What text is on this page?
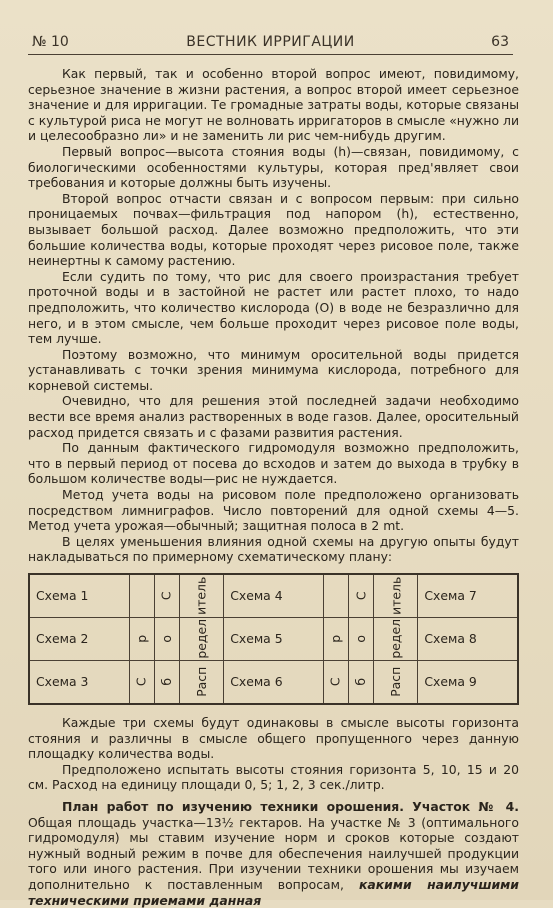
№ 10	ВЕСТНИК ИРРИГАЦИИ	63

Как первый, так и особенно второй вопрос имеют, повидимому, серьезное значение в жизни растения, а вопрос второй имеет серьезное значение и для ирригации. Те громадные затраты воды, которые связаны с культурой риса не могут не волновать ирригаторов в смысле «нужно ли и целесообразно ли» и не заменить ли рис чем-нибудь другим.

Первый вопрос—высота стояния воды (h)—связан, повидимому, с биологическими особенностями культуры, которая пред'являет свои требования и которые должны быть изучены.

Второй вопрос отчасти связан и с вопросом первым: при сильно проницаемых почвах—фильтрация под напором (h), естественно, вызывает большой расход. Далее возможно предположить, что эти большие количества воды, которые проходят через рисовое поле, также неинертны к самому растению.

Если судить по тому, что рис для своего произрастания требует проточной воды и в застойной не растет или растет плохо, то надо предположить, что количество кислорода (О) в воде не безразлично для него, и в этом смысле, чем больше проходит через рисовое поле воды, тем лучше.

Поэтому возможно, что минимум оросительной воды придется устанавливать с точки зрения минимума кислорода, потребного для корневой системы.

Очевидно, что для решения этой последней задачи необходимо вести все время анализ растворенных в воде газов. Далее, оросительный расход придется связать и с фазами развития растения.

По данным фактического гидромодуля возможно предположить, что в первый период от посева до всходов и затем до выхода в трубку в большом количестве воды—рис не нуждается.

Метод учета воды на рисовом поле предположено организовать посредством лимниграфов. Число повторений для одной схемы 4—5. Метод учета урожая—обычный; защитная полоса в 2 mt.

В целях уменьшения влияния одной схемы на другую опыты будут накладываться по примерному схематическому плану:

Схема 1		С	итель	Схема 4		С	итель	Схема 7
Схема 2	р	о	редел	Схема 5	р	о	редел	Схема 8
Схема 3	С	б	Расп	Схема 6	С	б	Расп	Схема 9

Каждые три схемы будут одинаковы в смысле высоты горизонта стояния и различны в смысле общего пропущенного через данную площадку количества воды.

Предположено испытать высоты стояния горизонта 5, 10, 15 и 20 см. Расход на единицу площади 0, 5; 1, 2, 3 сек./литр.

План работ по изучению техники орошения. Участок № 4. Общая площадь участка—13½ гектаров. На участке № 3 (оптимального гидромодуля) мы ставим изучение норм и сроков которые создают нужный водный режим в почве для обеспечения наилучшей продукции того или иного растения. При изучении техники орошения мы изучаем дополнительно к поставленным вопросам, какими наилучшими техническими приемами данная
